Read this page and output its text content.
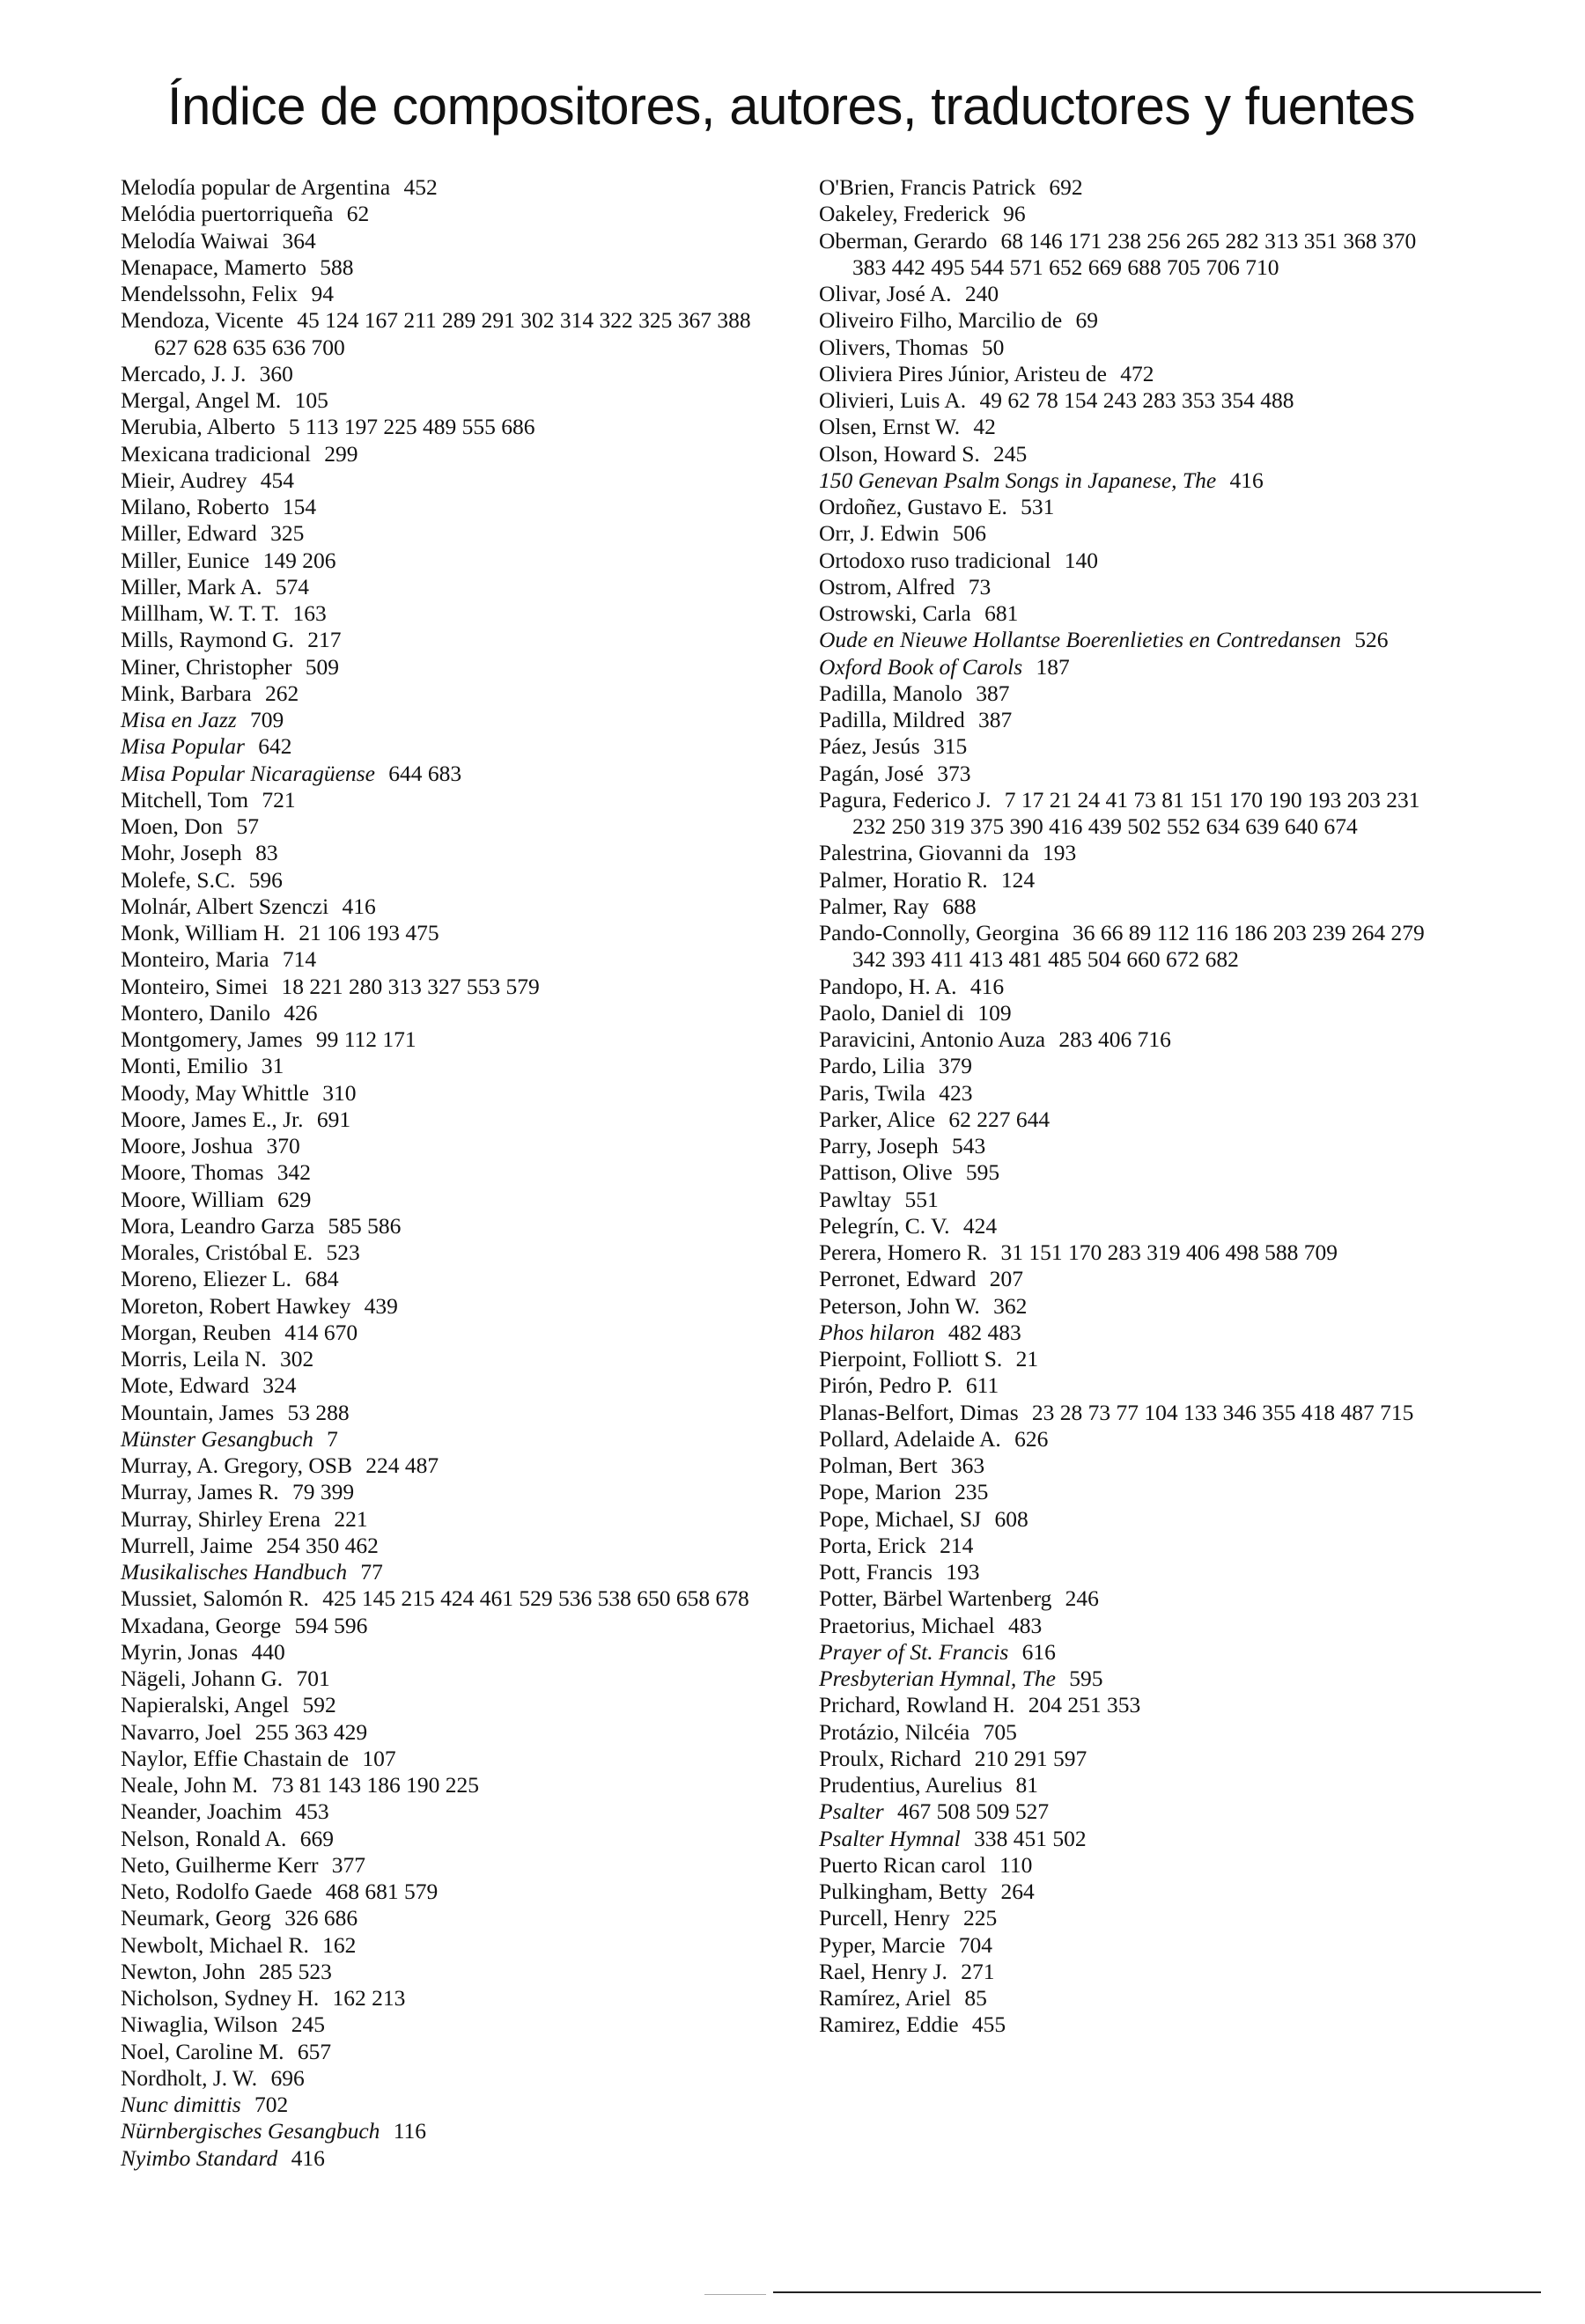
Índice de compositores, autores, traductores y fuentes

Melodía popular de Argentina 452

Melódia puertorriqueña 62

Melodía Waiwai 364

Menapace, Mamerto 588

Mendelssohn, Felix 94

Mendoza, Vicente 45 124 167 211 289 291 302 314 322 325 367 388 627 628 635 636 700

Mercado, J. J. 360

Mergal, Angel M. 105

Merubia, Alberto 5 113 197 225 489 555 686

Mexicana tradicional 299

Mieir, Audrey 454

Milano, Roberto 154

Miller, Edward 325

Miller, Eunice 149 206

Miller, Mark A. 574

Millham, W. T. T. 163

Mills, Raymond G. 217

Miner, Christopher 509

Mink, Barbara 262

Misa en Jazz 709

Misa Popular 642

Misa Popular Nicaragüense 644 683

Mitchell, Tom 721

Moen, Don 57

Mohr, Joseph 83

Molefe, S.C. 596

Molnár, Albert Szenczi 416

Monk, William H. 21 106 193 475

Monteiro, Maria 714

Monteiro, Simei 18 221 280 313 327 553 579

Montero, Danilo 426

Montgomery, James 99 112 171

Monti, Emilio 31

Moody, May Whittle 310

Moore, James E., Jr. 691

Moore, Joshua 370

Moore, Thomas 342

Moore, William 629

Mora, Leandro Garza 585 586

Morales, Cristóbal E. 523

Moreno, Eliezer L. 684

Moreton, Robert Hawkey 439

Morgan, Reuben 414 670

Morris, Leila N. 302

Mote, Edward 324

Mountain, James 53 288

Münster Gesangbuch 7

Murray, A. Gregory, OSB 224 487

Murray, James R. 79 399

Murray, Shirley Erena 221

Murrell, Jaime 254 350 462

Musikalisches Handbuch 77

Mussiet, Salomón R. 425 145 215 424 461 529 536 538 650 658 678

Mxadana, George 594 596

Myrin, Jonas 440

Nägeli, Johann G. 701

Napieralski, Angel 592

Navarro, Joel 255 363 429

Naylor, Effie Chastain de 107

Neale, John M. 73 81 143 186 190 225

Neander, Joachim 453

Nelson, Ronald A. 669

Neto, Guilherme Kerr 377

Neto, Rodolfo Gaede 468 681 579

Neumark, Georg 326 686

Newbolt, Michael R. 162

Newton, John 285 523

Nicholson, Sydney H. 162 213

Niwaglia, Wilson 245

Noel, Caroline M. 657

Nordholt, J. W. 696

Nunc dimittis 702

Nürnbergisches Gesangbuch 116

Nyimbo Standard 416

O'Brien, Francis Patrick 692

Oakeley, Frederick 96

Oberman, Gerardo 68 146 171 238 256 265 282 313 351 368 370 383 442 495 544 571 652 669 688 705 706 710

Olivar, José A. 240

Oliveiro Filho, Marcilio de 69

Olivers, Thomas 50

Oliviera Pires Júnior, Aristeu de 472

Olivieri, Luis A. 49 62 78 154 243 283 353 354 488

Olsen, Ernst W. 42

Olson, Howard S. 245

150 Genevan Psalm Songs in Japanese, The 416

Ordoñez, Gustavo E. 531

Orr, J. Edwin 506

Ortodoxo ruso tradicional 140

Ostrom, Alfred 73

Ostrowski, Carla 681

Oude en Nieuwe Hollantse Boerenlieties en Contredansen 526

Oxford Book of Carols 187

Padilla, Manolo 387

Padilla, Mildred 387

Páez, Jesús 315

Pagán, José 373

Pagura, Federico J. 7 17 21 24 41 73 81 151 170 190 193 203 231 232 250 319 375 390 416 439 502 552 634 639 640 674

Palestrina, Giovanni da 193

Palmer, Horatio R. 124

Palmer, Ray 688

Pando-Connolly, Georgina 36 66 89 112 116 186 203 239 264 279 342 393 411 413 481 485 504 660 672 682

Pandopo, H. A. 416

Paolo, Daniel di 109

Paravicini, Antonio Auza 283 406 716

Pardo, Lilia 379

Paris, Twila 423

Parker, Alice 62 227 644

Parry, Joseph 543

Pattison, Olive 595

Pawltay 551

Pelegrín, C. V. 424

Perera, Homero R. 31 151 170 283 319 406 498 588 709

Perronet, Edward 207

Peterson, John W. 362

Phos hilaron 482 483

Pierpoint, Folliott S. 21

Pirón, Pedro P. 611

Planas-Belfort, Dimas 23 28 73 77 104 133 346 355 418 487 715

Pollard, Adelaide A. 626

Polman, Bert 363

Pope, Marion 235

Pope, Michael, SJ 608

Porta, Erick 214

Pott, Francis 193

Potter, Bärbel Wartenberg 246

Praetorius, Michael 483

Prayer of St. Francis 616

Presbyterian Hymnal, The 595

Prichard, Rowland H. 204 251 353

Protázio, Nilcéia 705

Proulx, Richard 210 291 597

Prudentius, Aurelius 81

Psalter 467 508 509 527

Psalter Hymnal 338 451 502

Puerto Rican carol 110

Pulkingham, Betty 264

Purcell, Henry 225

Pyper, Marcie 704

Rael, Henry J. 271

Ramírez, Ariel 85

Ramirez, Eddie 455
